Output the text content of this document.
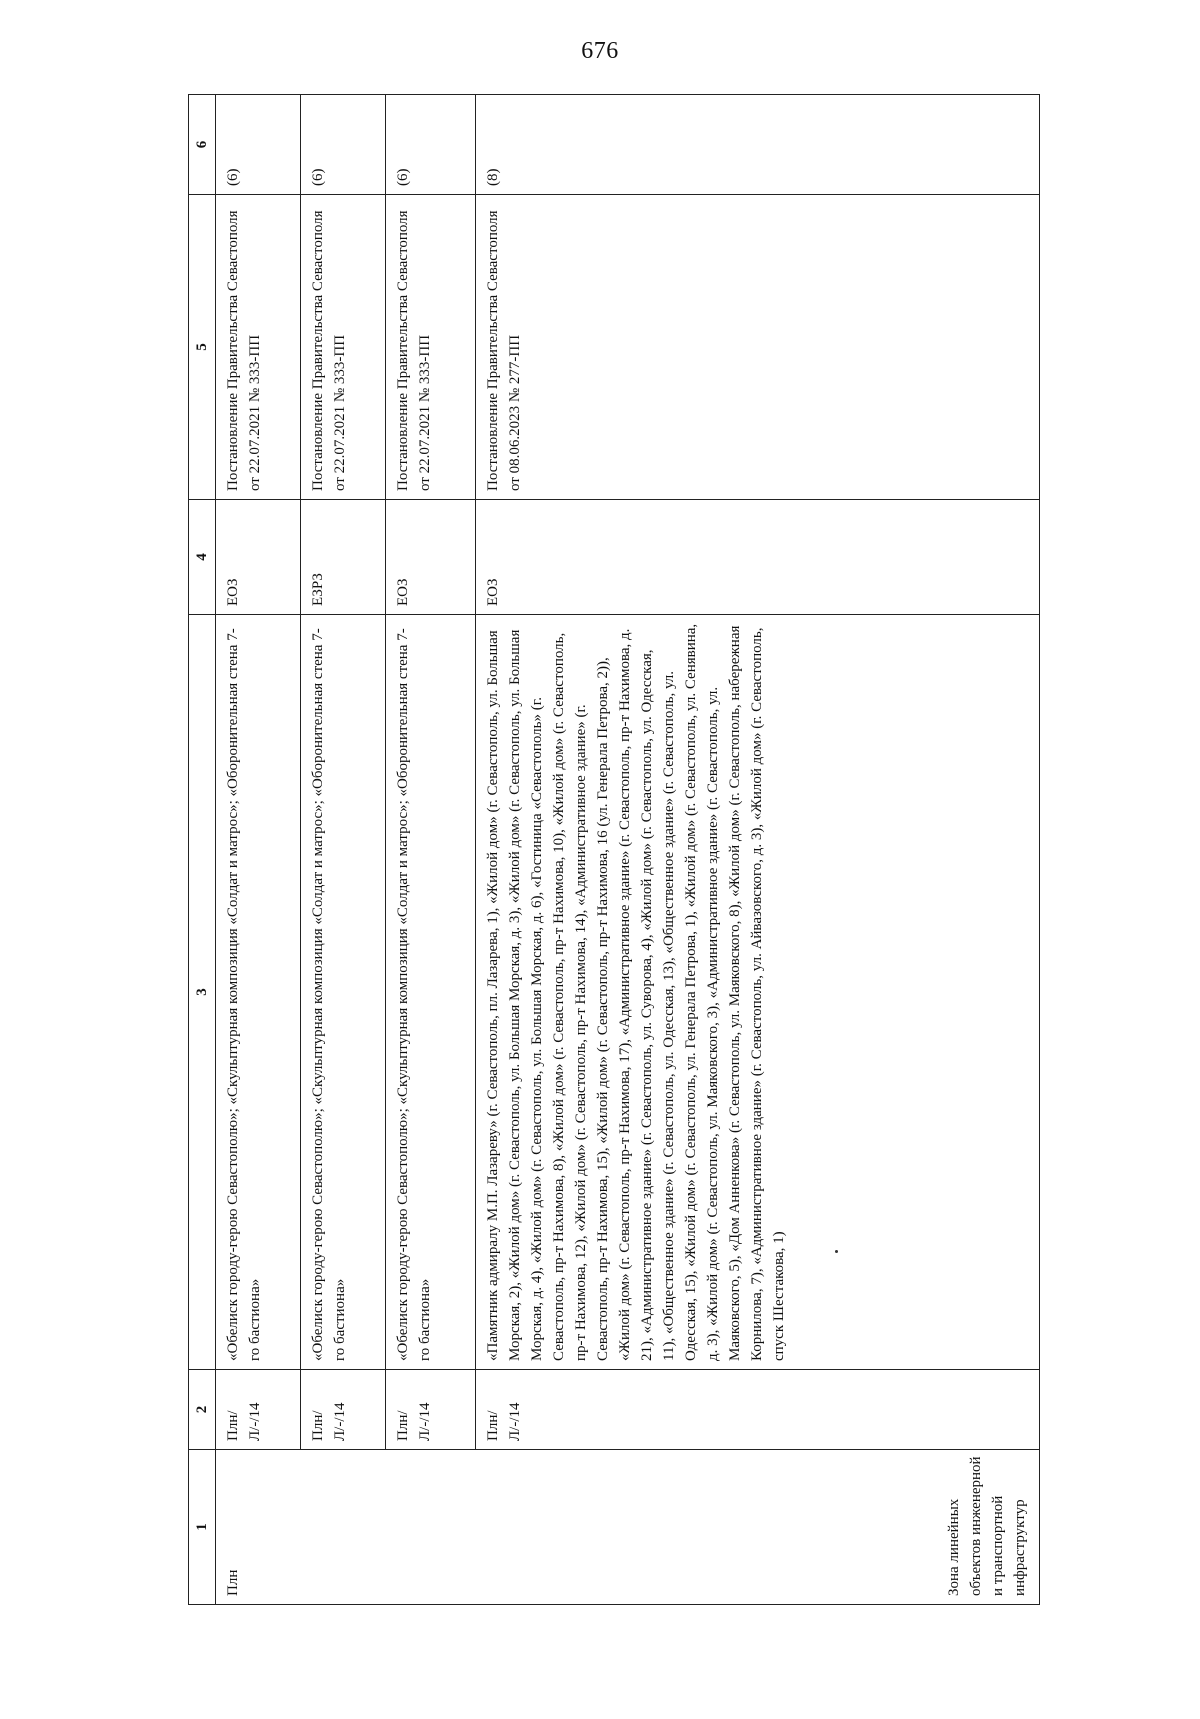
676
1	2	3	4	5	6

Плн Зона линейных объектов инженерной и транспортной инфраструктур	Плн/Л/-/14	«Обелиск городу-герою Севастополю»; «Скульптурная композиция «Солдат и матрос»; «Оборонительная стена 7-го бастиона»	ЕОЗ	Постановление Правительства Севастополя от 22.07.2021 № 333-ПП	(6)
	Плн/Л/-/14	«Обелиск городу-герою Севастополю»; «Скульптурная композиция «Солдат и матрос»; «Оборонительная стена 7-го бастиона»	ЕЗРЗ	Постановление Правительства Севастополя от 22.07.2021 № 333-ПП	(6)
	Плн/Л/-/14	«Обелиск городу-герою Севастополю»; «Скульптурная композиция «Солдат и матрос»; «Оборонительная стена 7-го бастиона»	ЕОЗ	Постановление Правительства Севастополя от 22.07.2021 № 333-ПП	(6)
	Плн/Л/-/14	«Памятник адмиралу М.П. Лазареву» (г. Севастополь, пл. Лазарева, 1), «Жилой дом» (г. Севастополь, ул. Большая Морская, 2), «Жилой дом» (г. Севастополь, ул. Большая Морская, д. 3), «Жилой дом» (г. Севастополь, ул. Большая Морская, д. 4), «Жилой дом» (г. Севастополь, ул. Большая Морская, д. 6), «Гостиница «Севастополь» (г. Севастополь, пр-т Нахимова, 8), «Жилой дом» (г. Севастополь, пр-т Нахимова, 10), «Жилой дом» (г. Севастополь, пр-т Нахимова, 12), «Жилой дом» (г. Севастополь, пр-т Нахимова, 14), «Административное здание» (г. Севастополь, пр-т Нахимова, 15), «Жилой дом» (г. Севастополь, пр-т Нахимова, 16 (ул. Генерала Петрова, 2)), «Жилой дом» (г. Севастополь, пр-т Нахимова, 17), «Административное здание» (г. Севастополь, пр-т Нахимова, д. 21), «Административное здание» (г. Севастополь, ул. Суворова, 4), «Жилой дом» (г. Севастополь, ул. Одесская, 11), «Общественное здание» (г. Севастополь, ул. Одесская, 13), «Общественное здание» (г. Севастополь, ул. Одесская, 15), «Жилой дом» (г. Севастополь, ул. Генерала Петрова, 1), «Жилой дом» (г. Севастополь, ул. Сенявина, д. 3), «Жилой дом» (г. Севастополь, ул. Маяковского, 3), «Административное здание» (г. Севастополь, ул. Маяковского, 5), «Дом Анненкова» (г. Севастополь, ул. Маяковского, 8), «Жилой дом» (г. Севастополь, набережная Корнилова, 7), «Административное здание» (г. Севастополь, ул. Айвазовского, д. 3), «Жилой дом» (г. Севастополь, спуск Шестакова, 1)	ЕОЗ	Постановление Правительства Севастополя от 08.06.2023 № 277-ПП	(8)
